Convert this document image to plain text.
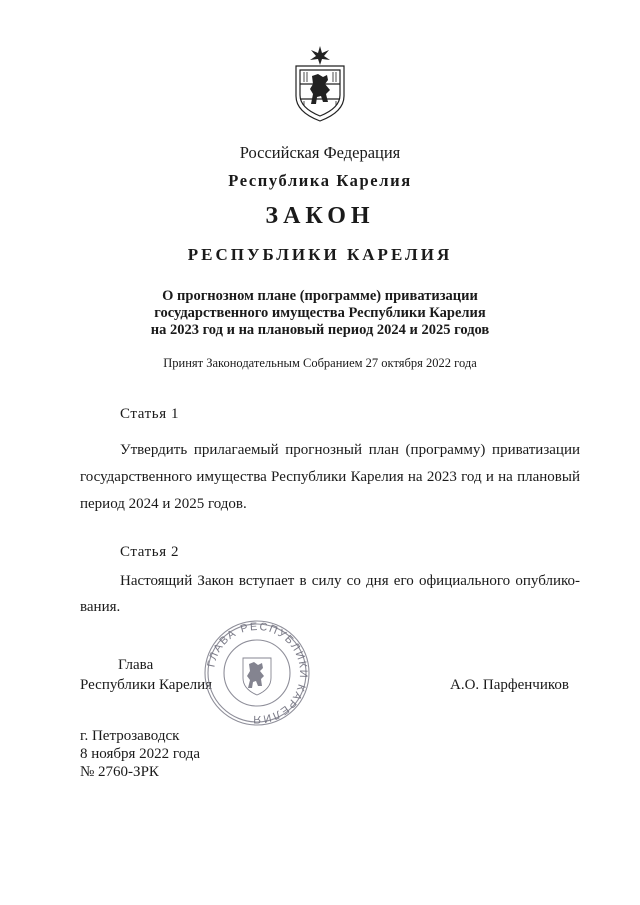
Российская Федерация
Республика Карелия
ЗАКОН
РЕСПУБЛИКИ КАРЕЛИЯ
О прогнозном плане (программе) приватизации
государственного имущества Республики Карелия
на 2023 год и на плановый период 2024 и 2025 годов
Принят Законодательным Собранием 27 октября 2022 года
Статья 1
Утвердить прилагаемый прогнозный план (программу) приватизации
государственного имущества Республики Карелия на 2023 год и на плановый
период 2024 и 2025 годов.
Статья 2
Настоящий Закон вступает в силу со дня его официального опублико-
вания.
Глава
Республики Карелия	А.О. Парфенчиков
ГЛАВА РЕСПУБЛИКИ КАРЕЛИЯ
г. Петрозаводск
8 ноября 2022 года
№ 2760-ЗРК
